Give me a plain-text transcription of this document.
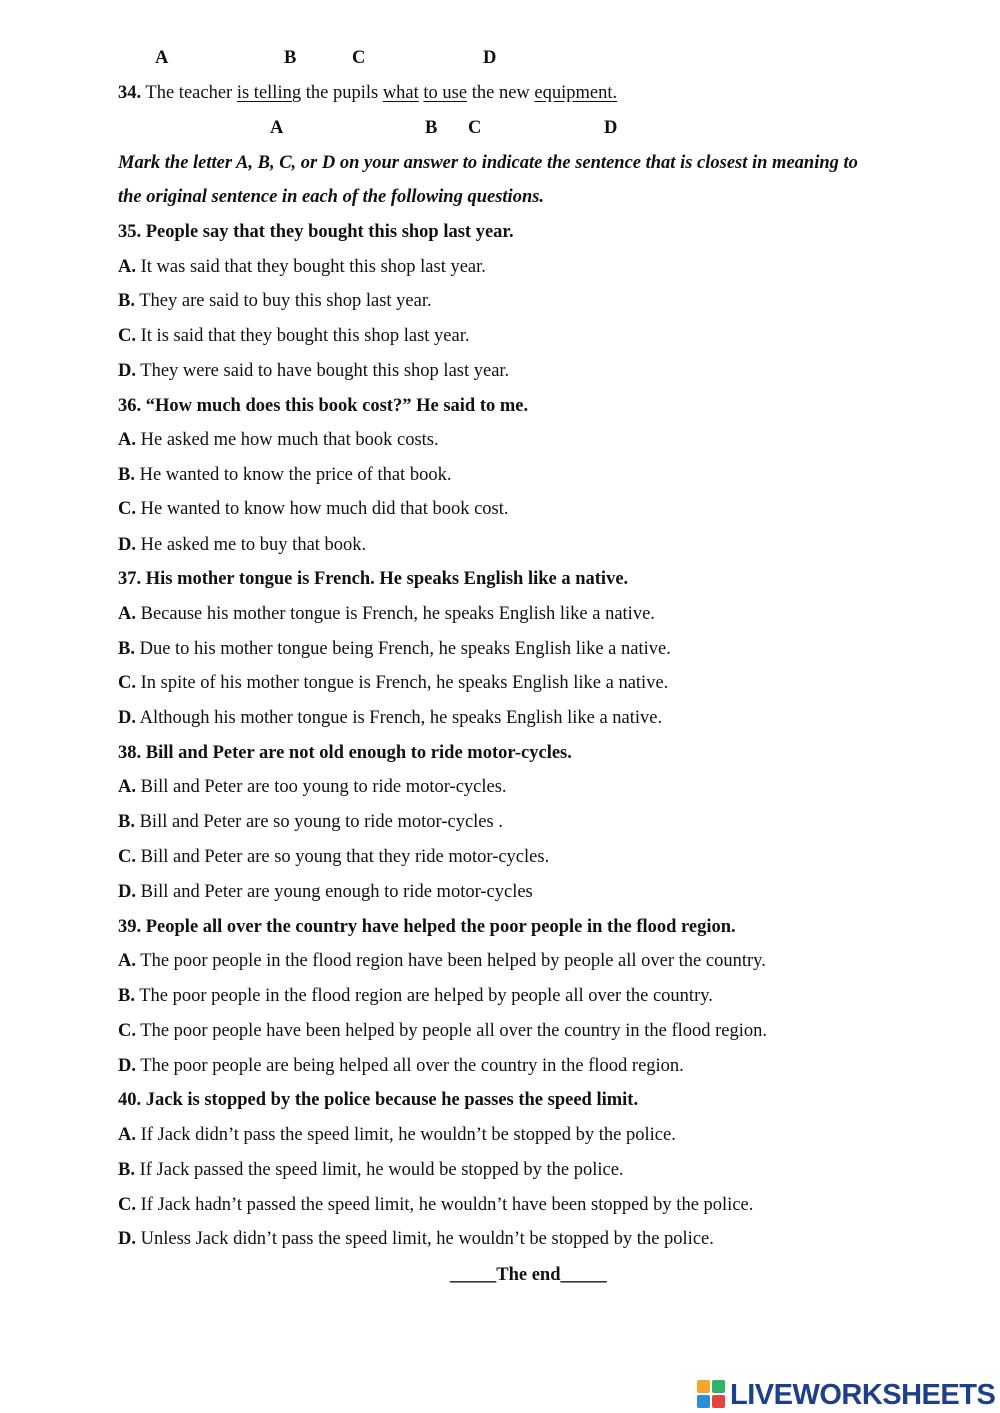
A	B	C	D
34. The teacher is telling the pupils what to use the new equipment.
A	B C	D
Mark the letter A, B, C, or D on your answer to indicate the sentence that is closest in meaning to
the original sentence in each of the following questions.
35. People say that they bought this shop last year.
A. It was said that they bought this shop last year.
B. They are said to buy this shop last year.
C. It is said that they bought this shop last year.
D. They were said to have bought this shop last year.
36. “How much does this book cost?” He said to me.
A. He asked me how much that book costs.
B. He wanted to know the price of that book.
C. He wanted to know how much did that book cost.
D. He asked me to buy that book.
37. His mother tongue is French. He speaks English like a native.
A. Because his mother tongue is French, he speaks English like a native.
B. Due to his mother tongue being French, he speaks English like a native.
C. In spite of his mother tongue is French, he speaks English like a native.
D. Although his mother tongue is French, he speaks English like a native.
38. Bill and Peter are not old enough to ride motor-cycles.
A. Bill and Peter are too young to ride motor-cycles.
B. Bill and Peter are so young to ride motor-cycles .
C. Bill and Peter are so young that they ride motor-cycles.
D. Bill and Peter are young enough to ride motor-cycles
39. People all over the country have helped the poor people in the flood region.
A. The poor people in the flood region have been helped by people all over the country.
B. The poor people in the flood region are helped by people all over the country.
C. The poor people have been helped by people all over the country in the flood region.
D. The poor people are being helped all over the country in the flood region.
40. Jack is stopped by the police because he passes the speed limit.
A. If Jack didn’t pass the speed limit, he wouldn’t be stopped by the police.
B. If Jack passed the speed limit, he would be stopped by the police.
C. If Jack hadn’t passed the speed limit, he wouldn’t have been stopped by the police.
D. Unless Jack didn’t pass the speed limit, he wouldn’t be stopped by the police.
_____The end_____
LIVEWORKSHEETS
